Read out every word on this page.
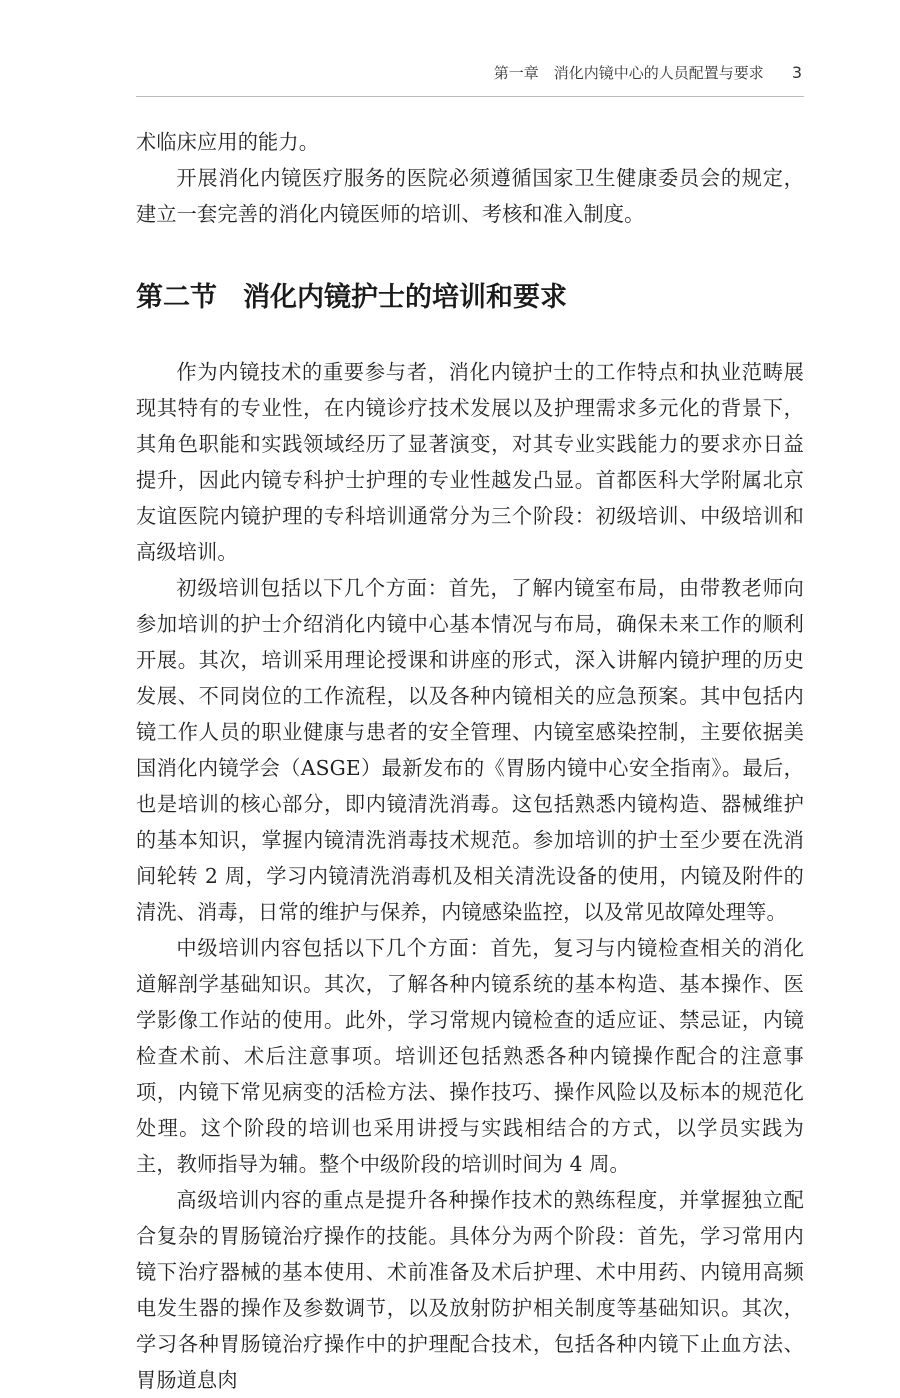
第一章　消化内镜中心的人员配置与要求 3

术临床应用的能力。

开展消化内镜医疗服务的医院必须遵循国家卫生健康委员会的规定，建立一套完善的消化内镜医师的培训、考核和准入制度。

第二节 消化内镜护士的培训和要求

作为内镜技术的重要参与者，消化内镜护士的工作特点和执业范畴展现其特有的专业性，在内镜诊疗技术发展以及护理需求多元化的背景下，其角色职能和实践领域经历了显著演变，对其专业实践能力的要求亦日益提升，因此内镜专科护士护理的专业性越发凸显。首都医科大学附属北京友谊医院内镜护理的专科培训通常分为三个阶段：初级培训、中级培训和高级培训。

初级培训包括以下几个方面：首先，了解内镜室布局，由带教老师向参加培训的护士介绍消化内镜中心基本情况与布局，确保未来工作的顺利开展。其次，培训采用理论授课和讲座的形式，深入讲解内镜护理的历史发展、不同岗位的工作流程，以及各种内镜相关的应急预案。其中包括内镜工作人员的职业健康与患者的安全管理、内镜室感染控制，主要依据美国消化内镜学会（ASGE）最新发布的《胃肠内镜中心安全指南》。最后，也是培训的核心部分，即内镜清洗消毒。这包括熟悉内镜构造、器械维护的基本知识，掌握内镜清洗消毒技术规范。参加培训的护士至少要在洗消间轮转 2 周，学习内镜清洗消毒机及相关清洗设备的使用，内镜及附件的清洗、消毒，日常的维护与保养，内镜感染监控，以及常见故障处理等。

中级培训内容包括以下几个方面：首先，复习与内镜检查相关的消化道解剖学基础知识。其次，了解各种内镜系统的基本构造、基本操作、医学影像工作站的使用。此外，学习常规内镜检查的适应证、禁忌证，内镜检查术前、术后注意事项。培训还包括熟悉各种内镜操作配合的注意事项，内镜下常见病变的活检方法、操作技巧、操作风险以及标本的规范化处理。这个阶段的培训也采用讲授与实践相结合的方式，以学员实践为主，教师指导为辅。整个中级阶段的培训时间为 4 周。

高级培训内容的重点是提升各种操作技术的熟练程度，并掌握独立配合复杂的胃肠镜治疗操作的技能。具体分为两个阶段：首先，学习常用内镜下治疗器械的基本使用、术前准备及术后护理、术中用药、内镜用高频电发生器的操作及参数调节，以及放射防护相关制度等基础知识。其次，学习各种胃肠镜治疗操作中的护理配合技术，包括各种内镜下止血方法、胃肠道息肉
